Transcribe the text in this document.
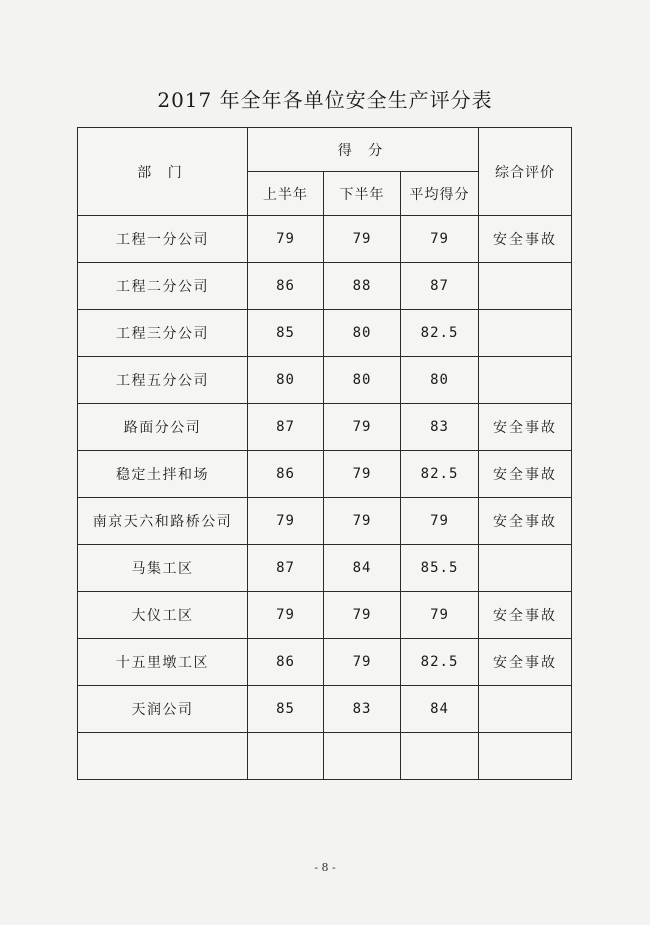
2017 年全年各单位安全生产评分表
部 门	得 分			综合评价
	上半年	下半年	平均得分	
工程一分公司	79	79	79	安全事故
工程二分公司	86	88	87	
工程三分公司	85	80	82.5	
工程五分公司	80	80	80	
路面分公司	87	79	83	安全事故
稳定土拌和场	86	79	82.5	安全事故
南京天六和路桥公司	79	79	79	安全事故
马集工区	87	84	85.5	
大仪工区	79	79	79	安全事故
十五里墩工区	86	79	82.5	安全事故
天润公司	85	83	84	

- 8 -
